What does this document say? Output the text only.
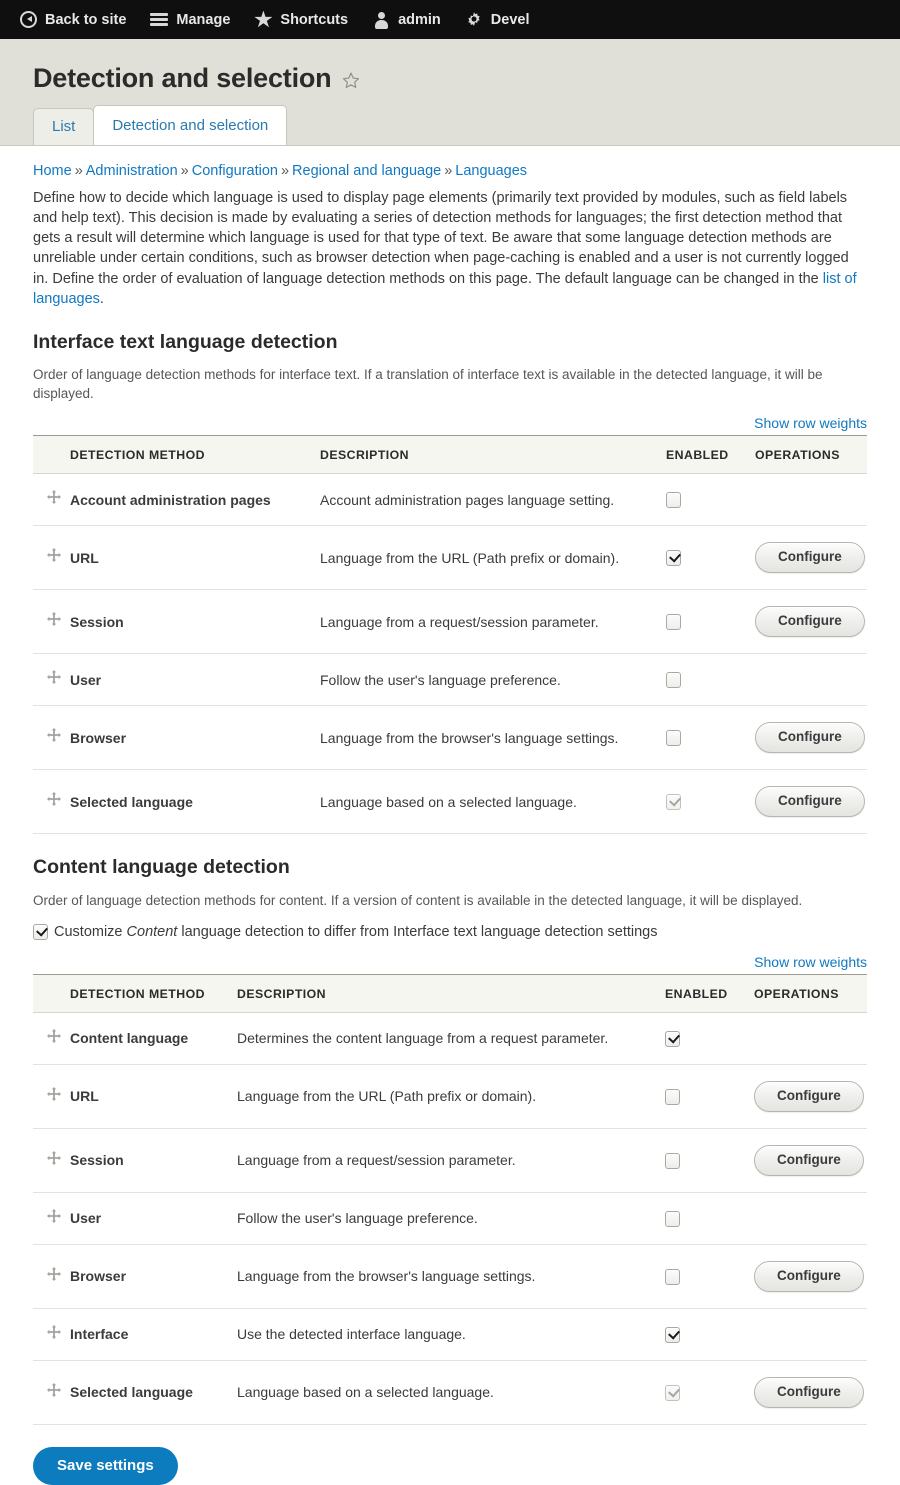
Back to site	Manage	Shortcuts	admin	Devel
Detection and selection
List	Detection and selection
Home » Administration » Configuration » Regional and language » Languages

Define how to decide which language is used to display page elements (primarily text provided by modules, such as field labels and help text). This decision is made by evaluating a series of detection methods for languages; the first detection method that gets a result will determine which language is used for that type of text. Be aware that some language detection methods are unreliable under certain conditions, such as browser detection when page-caching is enabled and a user is not currently logged in. Define the order of evaluation of language detection methods on this page. The default language can be changed in the list of languages.

Interface text language detection

Order of language detection methods for interface text. If a translation of interface text is available in the detected language, it will be displayed.

Show row weights
	DETECTION METHOD	DESCRIPTION	ENABLED	OPERATIONS

	Account administration pages	Account administration pages language setting.		

	URL	Language from the URL (Path prefix or domain).		Configure

	Session	Language from a request/session parameter.		Configure

	User	Follow the user's language preference.		

	Browser	Language from the browser's language settings.		Configure

	Selected language	Language based on a selected language.		Configure
Content language detection

Order of language detection methods for content. If a version of content is available in the detected language, it will be displayed.

Customize Content language detection to differ from Interface text language detection settings
Show row weights
	DETECTION METHOD	DESCRIPTION	ENABLED	OPERATIONS

	Content language	Determines the content language from a request parameter.		

	URL	Language from the URL (Path prefix or domain).		Configure

	Session	Language from a request/session parameter.		Configure

	User	Follow the user's language preference.		

	Browser	Language from the browser's language settings.		Configure

	Interface	Use the detected interface language.		

	Selected language	Language based on a selected language.		Configure
Save settings
